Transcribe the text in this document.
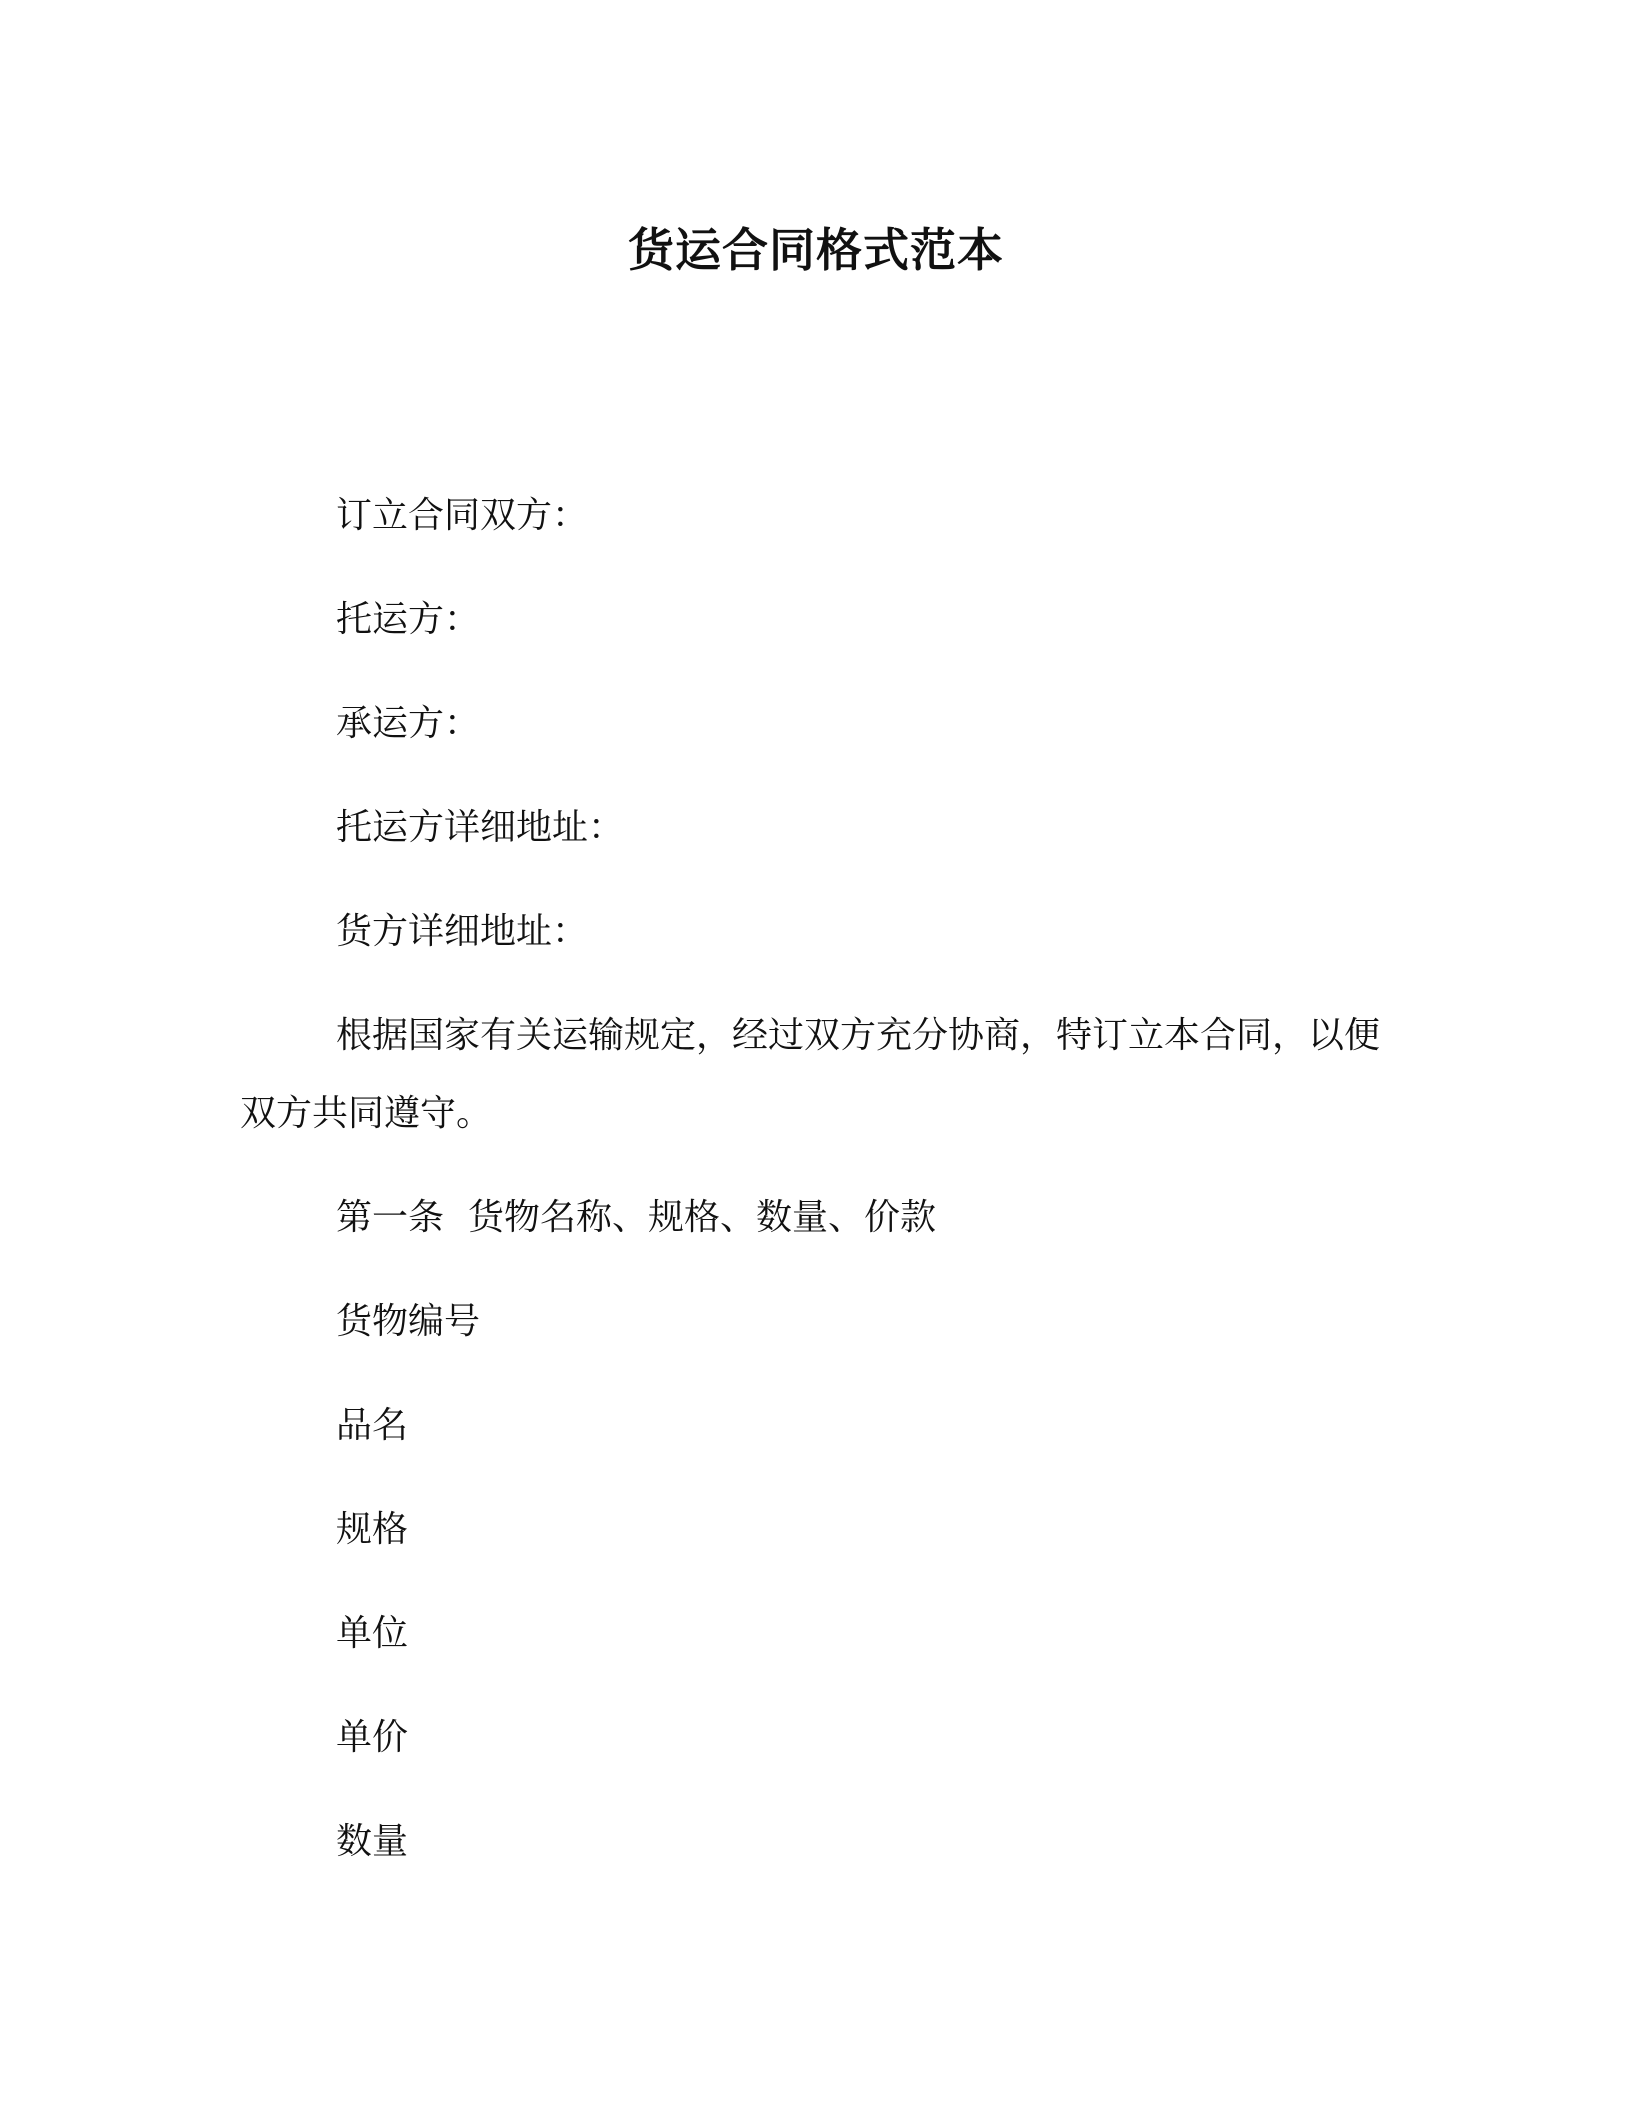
货运合同格式范本

订立合同双方：

托运方：

承运方：

托运方详细地址：

货方详细地址：

根据国家有关运输规定，经过双方充分协商，特订立本合同，以便双方共同遵守。

第一条 货物名称、规格、数量、价款

货物编号

品名

规格

单位

单价

数量
